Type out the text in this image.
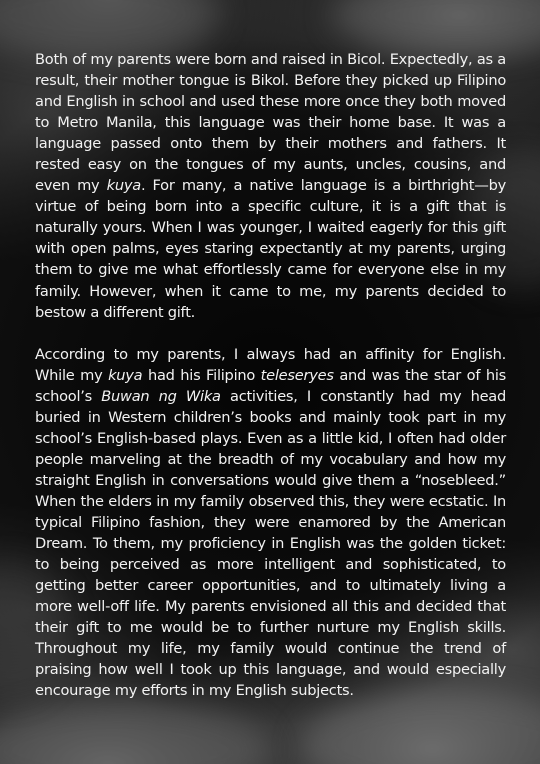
Both of my parents were born and raised in Bicol. Expectedly, as a result, their mother tongue is Bikol. Before they picked up Filipino and English in school and used these more once they both moved to Metro Manila, this language was their home base. It was a language passed onto them by their mothers and fathers. It rested easy on the tongues of my aunts, uncles, cousins, and even my kuya. For many, a native language is a birthright—by virtue of being born into a specific culture, it is a gift that is naturally yours. When I was younger, I waited eagerly for this gift with open palms, eyes staring expectantly at my parents, urging them to give me what effortlessly came for everyone else in my family. However, when it came to me, my parents decided to bestow a different gift.

According to my parents, I always had an affinity for English. While my kuya had his Filipino teleseryes and was the star of his school’s Buwan ng Wika activities, I constantly had my head buried in Western children’s books and mainly took part in my school’s English-based plays. Even as a little kid, I often had older people marveling at the breadth of my vocabulary and how my straight English in conversations would give them a “nosebleed.” When the elders in my family observed this, they were ecstatic. In typical Filipino fashion, they were enamored by the American Dream. To them, my proficiency in English was the golden ticket: to being perceived as more intelligent and sophisticated, to getting better career opportunities, and to ultimately living a more well-off life. My parents envisioned all this and decided that their gift to me would be to further nurture my English skills. Throughout my life, my family would continue the trend of praising how well I took up this language, and would especially encourage my efforts in my English subjects.
